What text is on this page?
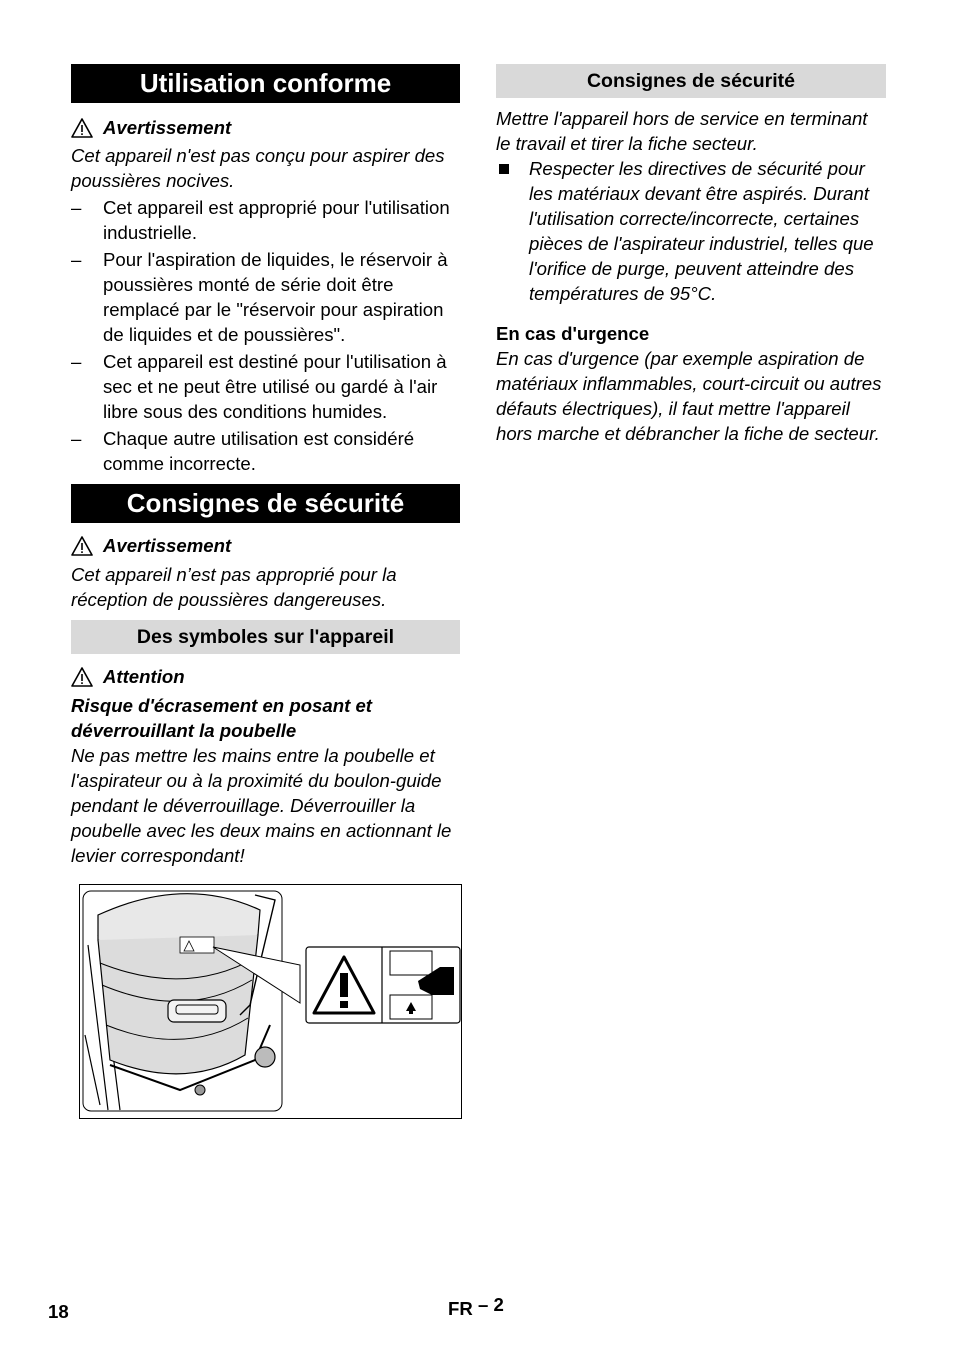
Utilisation conforme
Avertissement

Cet appareil n'est pas conçu pour aspirer des poussières nocives.

– Cet appareil est approprié pour l'utilisation industrielle.
– Pour l'aspiration de liquides, le réservoir à poussières monté de série doit être remplacé par le "réservoir pour aspiration de liquides et de poussières".
– Cet appareil est destiné pour l'utilisation à sec et ne peut être utilisé ou gardé à l'air libre sous des conditions humides.
– Chaque autre utilisation est considéré comme incorrecte.
Consignes de sécurité
Avertissement

Cet appareil n’est pas approprié pour la réception de poussières dangereuses.

Des symboles sur l'appareil
Attention

Risque d'écrasement en posant et déverrouillant la poubelle

Ne pas mettre les mains entre la poubelle et l'aspirateur ou à la proximité du boulon-guide pendant le déverrouillage. Déverrouiller la poubelle avec les deux mains en actionnant le levier correspondant!

Consignes de sécurité

Mettre l'appareil hors de service en terminant le travail et tirer la fiche secteur.

Respecter les directives de sécurité pour les matériaux devant être aspirés. Durant l'utilisation correcte/incorrecte, certaines pièces de l'aspirateur industriel, telles que l'orifice de purge, peuvent atteindre des températures de 95°C.

En cas d'urgence

En cas d'urgence (par exemple aspiration de matériaux inflammables, court-circuit ou autres défauts électriques), il faut mettre l'appareil hors marche et débrancher la fiche de secteur.

18	FR – 2
